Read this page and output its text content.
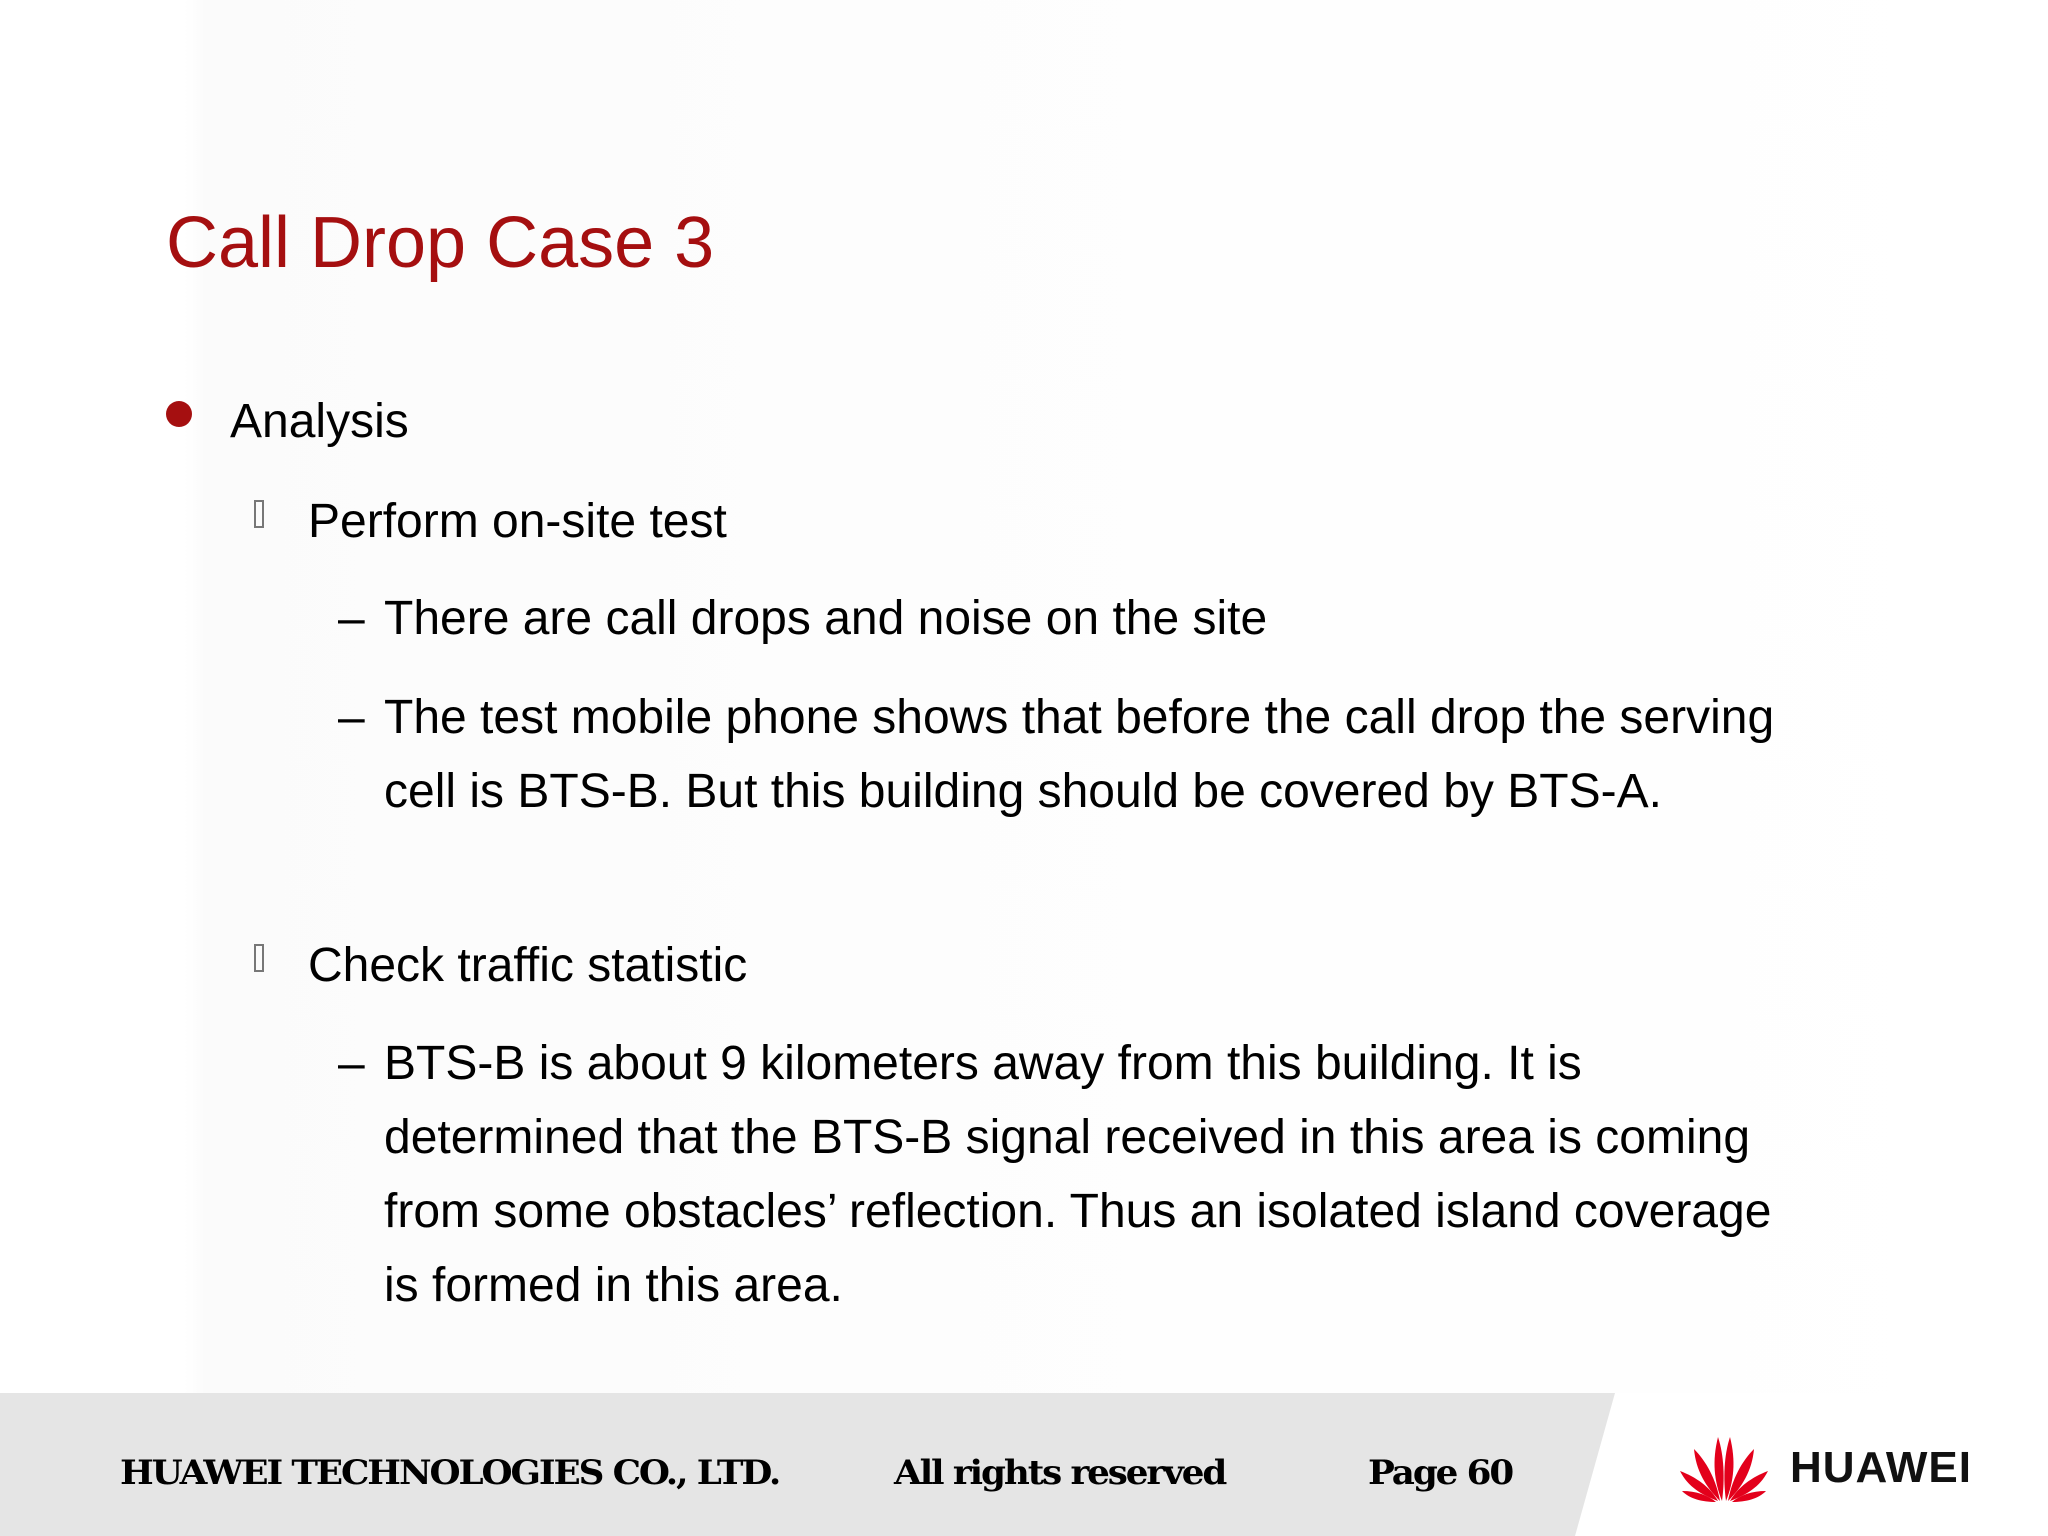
Call Drop Case 3
Analysis
Perform on-site test
– There are call drops and noise on the site
– The test mobile phone shows that before the call drop the serving cell is BTS-B. But this building should be covered by BTS-A.
Check traffic statistic
– BTS-B is about 9 kilometers away from this building. It is determined that the BTS-B signal received in this area is coming from some obstacles’ reflection. Thus an isolated island coverage is formed in this area.
HUAWEI TECHNOLOGIES CO., LTD.	All rights reserved	Page 60	HUAWEI
